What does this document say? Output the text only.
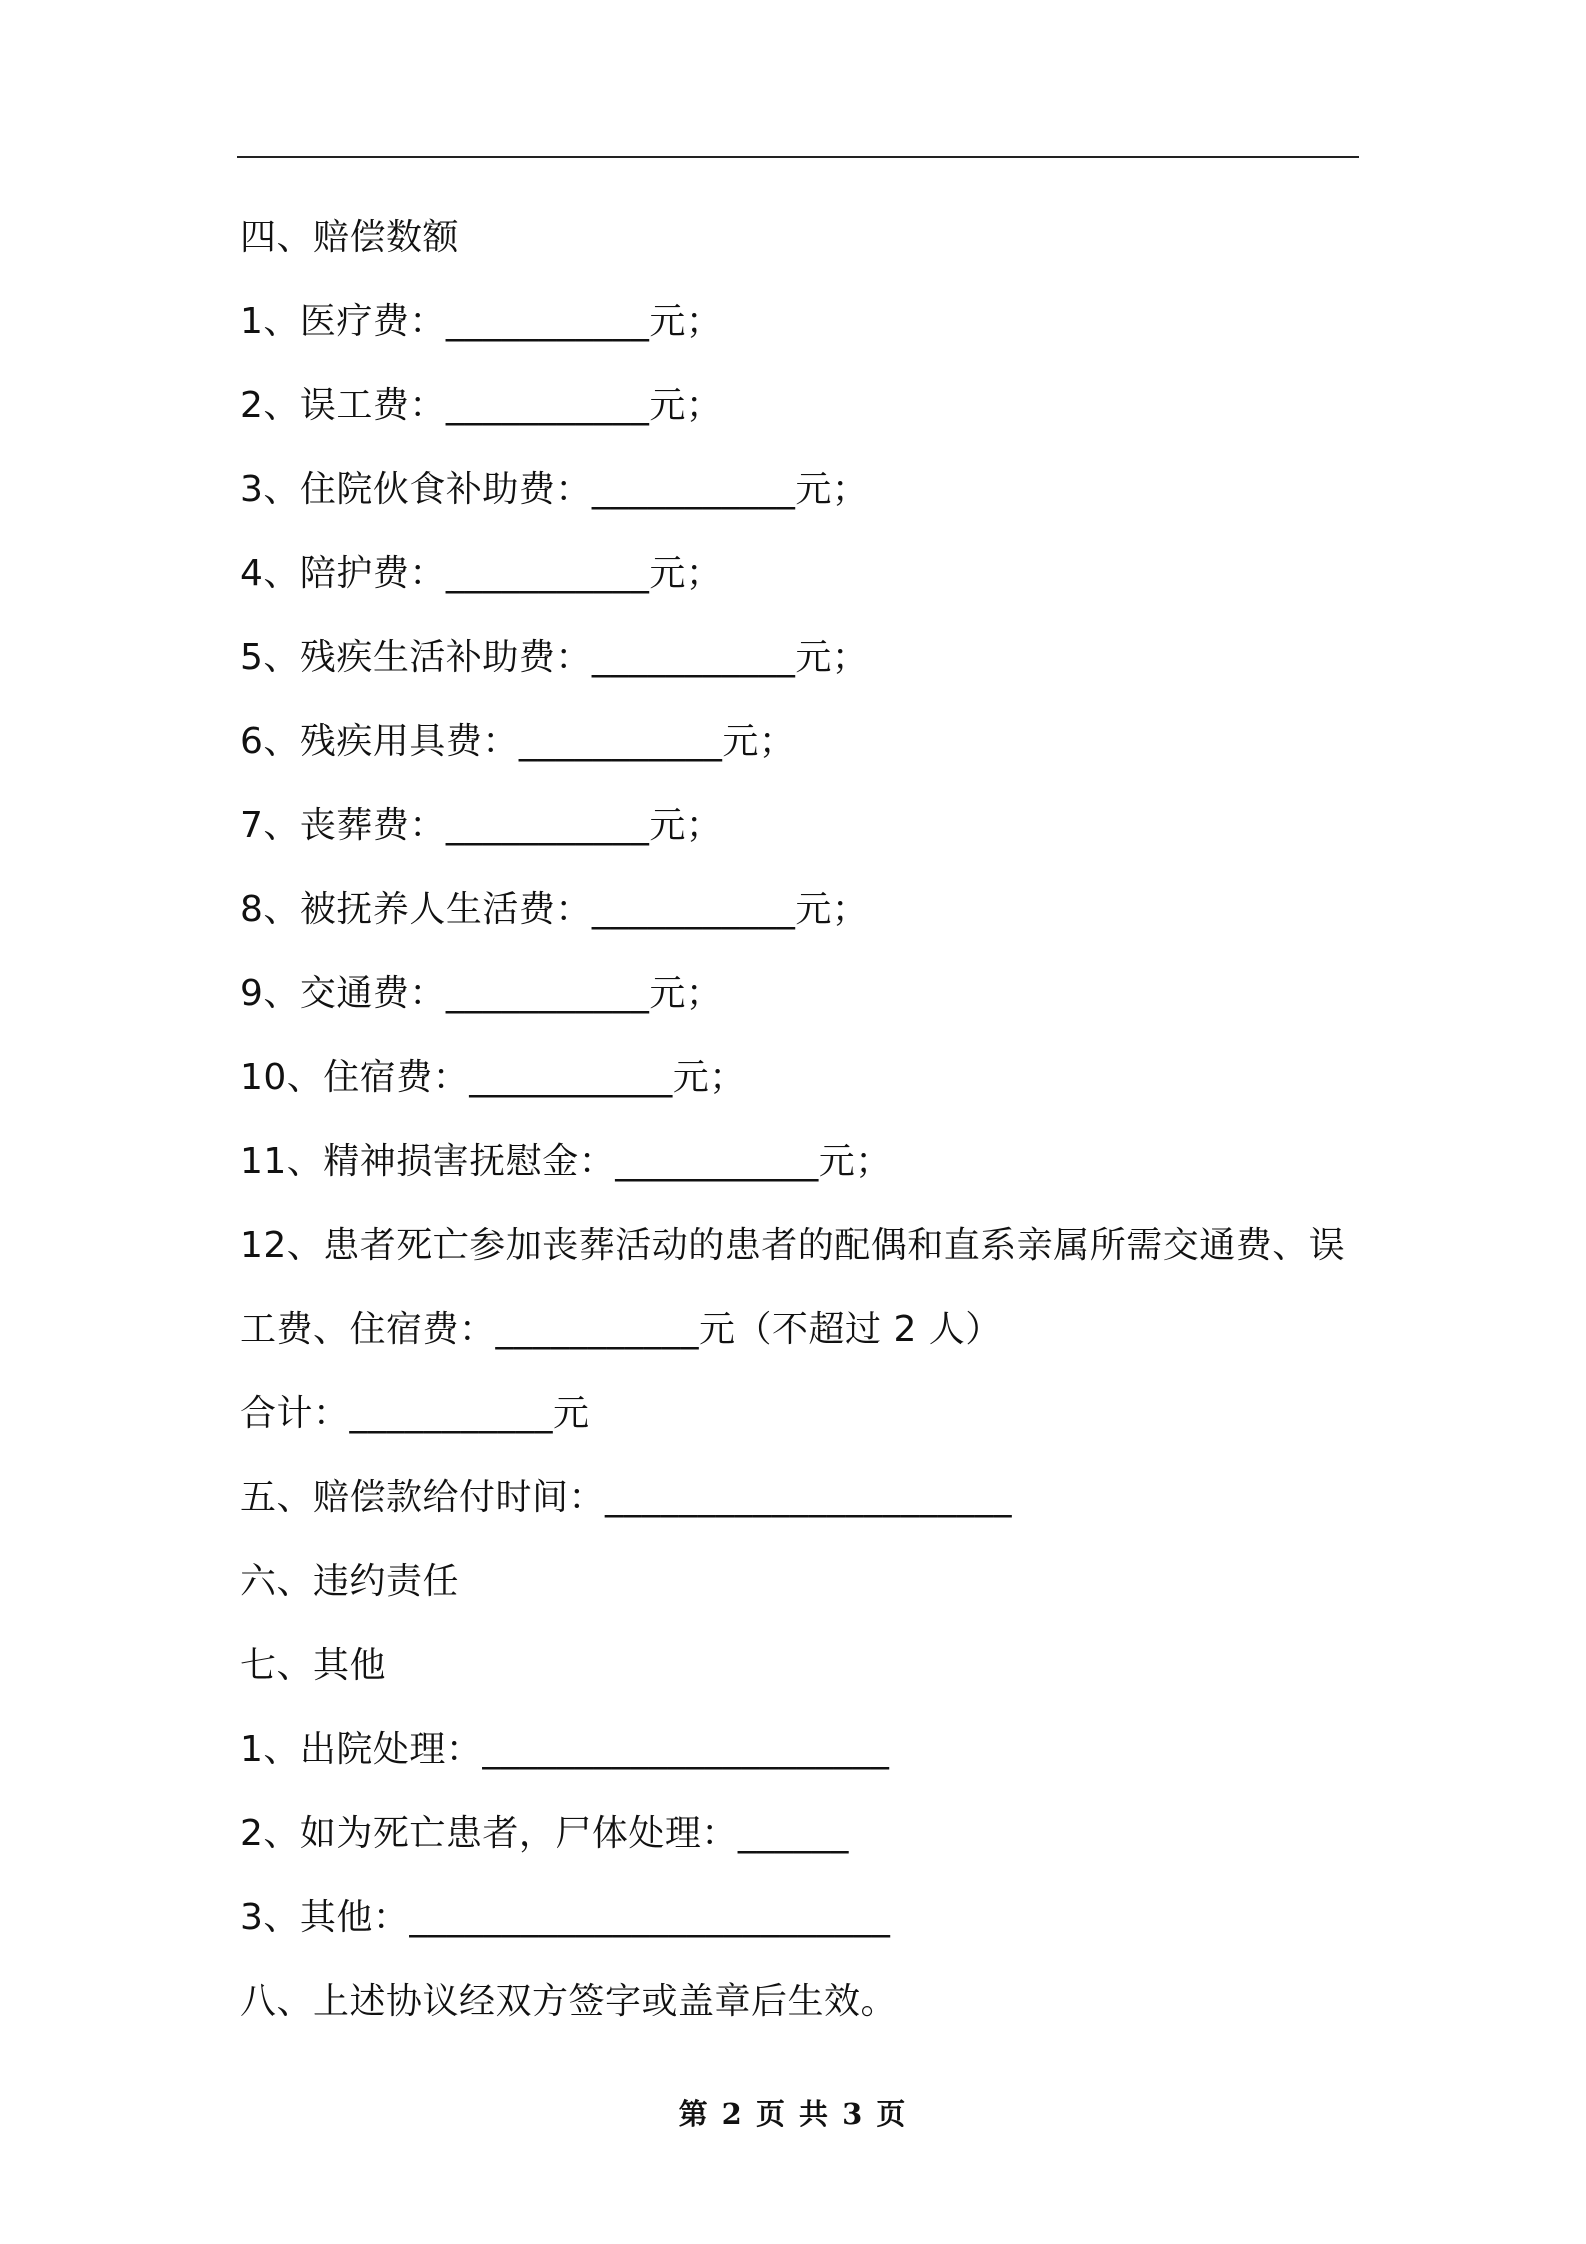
四、赔偿数额
1、医疗费：___________元；
2、误工费：___________元；
3、住院伙食补助费：___________元；
4、陪护费：___________元；
5、残疾生活补助费：___________元；
6、残疾用具费：___________元；
7、丧葬费：___________元；
8、被抚养人生活费：___________元；
9、交通费：___________元；
10、住宿费：___________元；
11、精神损害抚慰金：___________元；
12、患者死亡参加丧葬活动的患者的配偶和直系亲属所需交通费、误
工费、住宿费：___________元（不超过 2 人）
合计：___________元
五、赔偿款给付时间：______________________
六、违约责任
七、其他
1、出院处理：______________________
2、如为死亡患者，尸体处理：______
3、其他：__________________________
八、上述协议经双方签字或盖章后生效。
第 2 页 共 3 页
